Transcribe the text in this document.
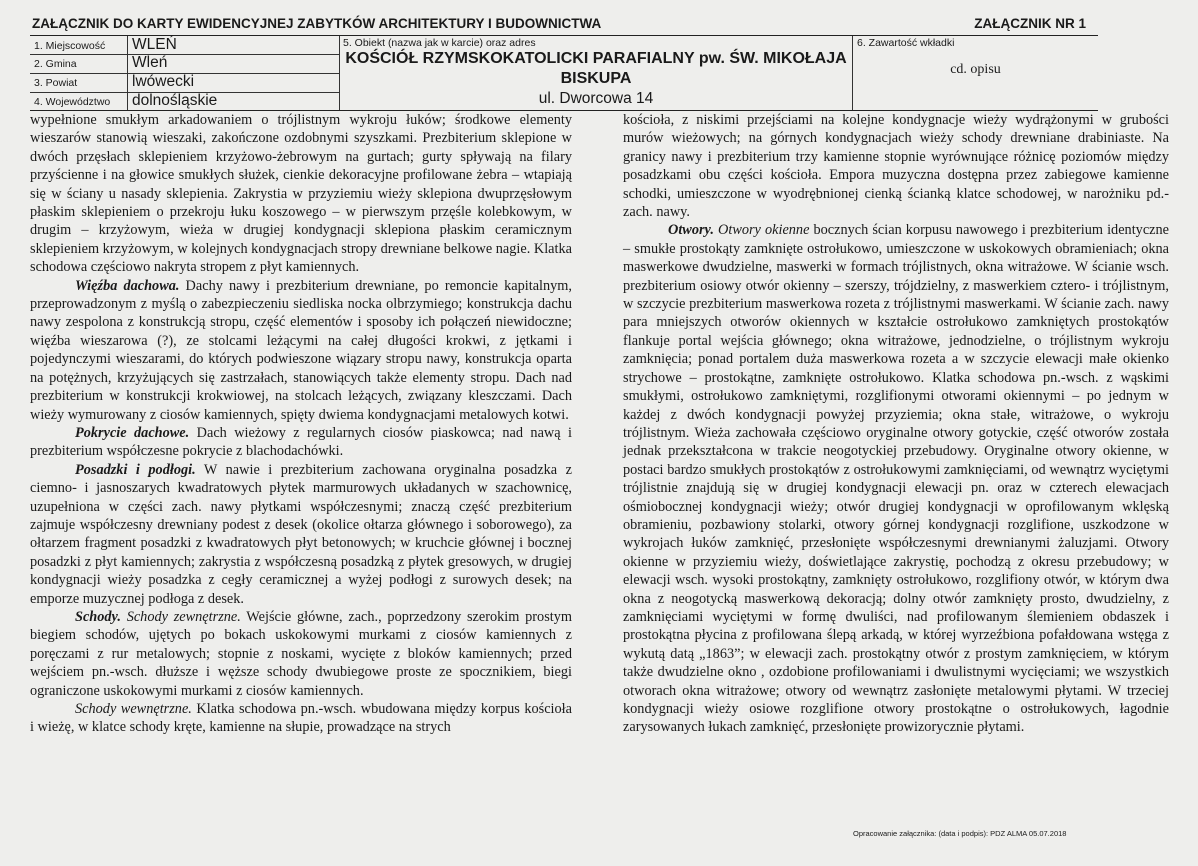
ZAŁĄCZNIK DO KARTY EWIDENCYJNEJ ZABYTKÓW ARCHITEKTURY I BUDOWNICTWA	ZAŁĄCZNIK NR 1
1. Miejscowość WLEŃ
2. Gmina	Wleń
3. Powiat	lwówecki
4. Województwo dolnośląskie
5. Obiekt (nazwa jak w karcie) oraz adres
KOŚCIÓŁ RZYMSKOKATOLICKI PARAFIALNY pw. ŚW. MIKOŁAJA BISKUPA
ul. Dworcowa 14
6. Zawartość wkładki
cd. opisu

wypełnione smukłym arkadowaniem o trójlistnym wykroju łuków; środkowe elementy wieszarów stanowią wieszaki, zakończone ozdobnymi szyszkami. Prezbiterium sklepione w dwóch przęsłach sklepieniem krzyżowo-żebrowym na gurtach; gurty spływają na filary przyścienne i na głowice smukłych służek, cienkie dekoracyjne profilowane żebra – wtapiają się w ściany u nasady sklepienia. Zakrystia w przyziemiu wieży sklepiona dwuprzęsłowym płaskim sklepieniem o przekroju łuku koszowego – w pierwszym przęśle kolebkowym, w drugim – krzyżowym, wieża w drugiej kondygnacji sklepiona płaskim ceramicznym sklepieniem krzyżowym, w kolejnych kondygnacjach stropy drewniane belkowe nagie. Klatka schodowa częściowo nakryta stropem z płyt kamiennych.

Więźba dachowa. Dachy nawy i prezbiterium drewniane, po remoncie kapitalnym, przeprowadzonym z myślą o zabezpieczeniu siedliska nocka olbrzymiego; konstrukcja dachu nawy zespolona z konstrukcją stropu, część elementów i sposoby ich połączeń niewidoczne; więźba wieszarowa (?), ze stolcami leżącymi na całej długości krokwi, z jętkami i pojedynczymi wieszarami, do których podwieszone wiązary stropu nawy, konstrukcja oparta na potężnych, krzyżujących się zastrzałach, stanowiących także elementy stropu. Dach nad prezbiterium w konstrukcji krokwiowej, na stolcach leżących, związany kleszczami. Dach wieży wymurowany z ciosów kamiennych, spięty dwiema kondygnacjami metalowych kotwi.

Pokrycie dachowe. Dach wieżowy z regularnych ciosów piaskowca; nad nawą i prezbiterium współczesne pokrycie z blachodachówki.

Posadzki i podłogi. W nawie i prezbiterium zachowana oryginalna posadzka z ciemno- i jasnoszarych kwadratowych płytek marmurowych układanych w szachownicę, uzupełniona w części zach. nawy płytkami współczesnymi; znaczą część prezbiterium zajmuje współczesny drewniany podest z desek (okolice ołtarza głównego i soborowego), za ołtarzem fragment posadzki z kwadratowych płyt betonowych; w kruchcie głównej i bocznej posadzki z płyt kamiennych; zakrystia z współczesną posadzką z płytek gresowych, w drugiej kondygnacji wieży posadzka z cegły ceramicznej a wyżej podłogi z surowych desek; na emporze muzycznej podłoga z desek.

Schody. Schody zewnętrzne. Wejście główne, zach., poprzedzony szerokim prostym biegiem schodów, ujętych po bokach uskokowymi murkami z ciosów kamiennych z poręczami z rur metalowych; stopnie z noskami, wycięte z bloków kamiennych; przed wejściem pn.-wsch. dłuższe i węższe schody dwubiegowe proste ze spocznikiem, biegi ograniczone uskokowymi murkami z ciosów kamiennych.

Schody wewnętrzne. Klatka schodowa pn.-wsch. wbudowana między korpus kościoła i wieżę, w klatce schody kręte, kamienne na słupie, prowadzące na strych

kościoła, z niskimi przejściami na kolejne kondygnacje wieży wydrążonymi w grubości murów wieżowych; na górnych kondygnacjach wieży schody drewniane drabiniaste. Na granicy nawy i prezbiterium trzy kamienne stopnie wyrównujące różnicę poziomów między posadzkami obu części kościoła. Empora muzyczna dostępna przez zabiegowe kamienne schodki, umieszczone w wyodrębnionej cienką ścianką klatce schodowej, w narożniku pd.-zach. nawy.

Otwory. Otwory okienne bocznych ścian korpusu nawowego i prezbiterium identyczne – smukłe prostokąty zamknięte ostrołukowo, umieszczone w uskokowych obramieniach; okna maswerkowe dwudzielne, maswerki w formach trójlistnych, okna witrażowe. W ścianie wsch. prezbiterium osiowy otwór okienny – szerszy, trójdzielny, z maswerkiem cztero- i trójlistnym, w szczycie prezbiterium maswerkowa rozeta z trójlistnymi maswerkami. W ścianie zach. nawy para mniejszych otworów okiennych w kształcie ostrołukowo zamkniętych prostokątów flankuje portal wejścia głównego; okna witrażowe, jednodzielne, o trójlistnym wykroju zamknięcia; ponad portalem duża maswerkowa rozeta a w szczycie elewacji małe okienko strychowe – prostokątne, zamknięte ostrołukowo. Klatka schodowa pn.-wsch. z wąskimi smukłymi, ostrołukowo zamkniętymi, rozglifionymi otworami okiennymi – po jednym w każdej z dwóch kondygnacji powyżej przyziemia; okna stałe, witrażowe, o wykroju trójlistnym. Wieża zachowała częściowo oryginalne otwory gotyckie, część otworów została jednak przekształcona w trakcie neogotyckiej przebudowy. Oryginalne otwory okienne, w postaci bardzo smukłych prostokątów z ostrołukowymi zamknięciami, od wewnątrz wyciętymi trójlistnie znajdują się w drugiej kondygnacji elewacji pn. oraz w czterech elewacjach ośmiobocznej kondygnacji wieży; otwór drugiej kondygnacji w oprofilowanym wklęską obramieniu, pozbawiony stolarki, otwory górnej kondygnacji rozglifione, uszkodzone w wykrojach łuków zamknięć, przesłonięte współczesnymi drewnianymi żaluzjami. Otwory okienne w przyziemiu wieży, doświetlające zakrystię, pochodzą z okresu przebudowy; w elewacji wsch. wysoki prostokątny, zamknięty ostrołukowo, rozglifiony otwór, w którym dwa okna z neogotycką maswerkową dekoracją; dolny otwór zamknięty prosto, dwudzielny, z zamknięciami wyciętymi w formę dwuliści, nad profilowanym ślemieniem obdaszek i prostokątna płycina z profilowana ślepą arkadą, w której wyrzeźbiona pofałdowana wstęga z wykutą datą „1863”; w elewacji zach. prostokątny otwór z prostym zamknięciem, w którym także dwudzielne okno , ozdobione profilowaniami i dwulistnymi wycięciami; we wszystkich otworach okna witrażowe; otwory od wewnątrz zasłonięte metalowymi płytami. W trzeciej kondygnacji wieży osiowe rozglifione otwory prostokątne o ostrołukowych, łagodnie zarysowanych łukach zamknięć, przesłonięte prowizorycznie płytami.

Opracowanie załącznika: (data i podpis): PDZ ALMA 05.07.2018
